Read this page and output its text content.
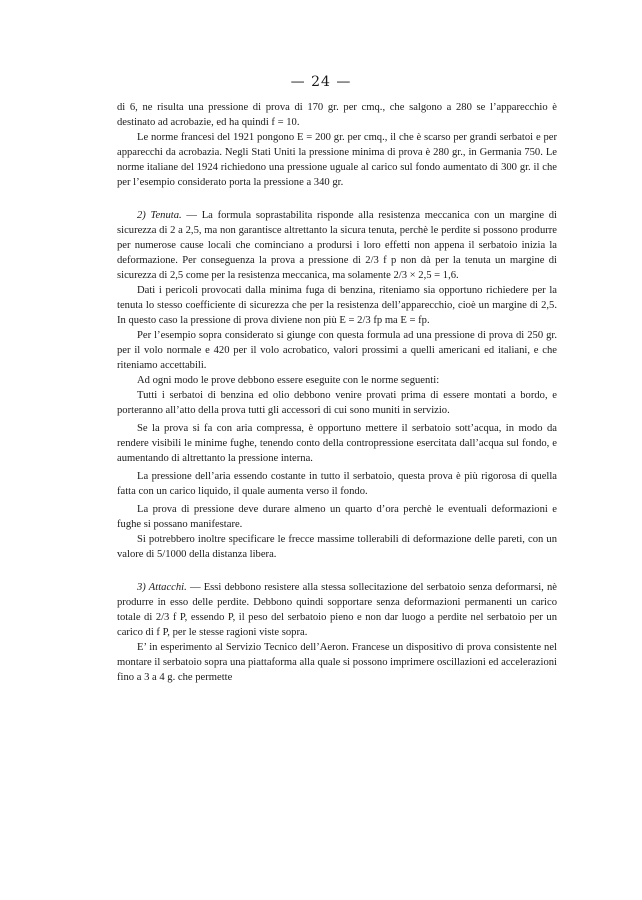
— 24 —

di 6, ne risulta una pressione di prova di 170 gr. per cmq., che salgono a 280 se l’apparecchio è destinato ad acrobazie, ed ha quindi f = 10.

Le norme francesi del 1921 pongono E = 200 gr. per cmq., il che è scarso per grandi serbatoi e per apparecchi da acrobazia. Negli Stati Uniti la pressione minima di prova è 280 gr., in Germania 750. Le norme italiane del 1924 richiedono una pressione uguale al carico sul fondo aumentato di 300 gr. il che per l’esempio considerato porta la pressione a 340 gr.

2) Tenuta. — La formula soprastabilita risponde alla resistenza meccanica con un margine di sicurezza di 2 a 2,5, ma non garantisce altrettanto la sicura tenuta, perchè le perdite si possono produrre per numerose cause locali che cominciano a prodursi i loro effetti non appena il serbatoio inizia la deformazione. Per conseguenza la prova a pressione di 2/3 f p non dà per la tenuta un margine di sicurezza di 2,5 come per la resistenza meccanica, ma solamente 2/3 × 2,5 = 1,6.

Dati i pericoli provocati dalla minima fuga di benzina, riteniamo sia opportuno richiedere per la tenuta lo stesso coefficiente di sicurezza che per la resistenza dell’apparecchio, cioè un margine di 2,5. In questo caso la pressione di prova diviene non più E = 2/3 fp ma E = fp.

Per l’esempio sopra considerato si giunge con questa formula ad una pressione di prova di 250 gr. per il volo normale e 420 per il volo acrobatico, valori prossimi a quelli americani ed italiani, e che riteniamo accettabili.

Ad ogni modo le prove debbono essere eseguite con le norme seguenti:

Tutti i serbatoi di benzina ed olio debbono venire provati prima di essere montati a bordo, e porteranno all’atto della prova tutti gli accessori di cui sono muniti in servizio.

Se la prova si fa con aria compressa, è opportuno mettere il serbatoio sott’acqua, in modo da rendere visibili le minime fughe, tenendo conto della contropressione esercitata dall’acqua sul fondo, e aumentando di altrettanto la pressione interna.

La pressione dell’aria essendo costante in tutto il serbatoio, questa prova è più rigorosa di quella fatta con un carico liquido, il quale aumenta verso il fondo.

La prova di pressione deve durare almeno un quarto d’ora perchè le eventuali deformazioni e fughe si possano manifestare.

Si potrebbero inoltre specificare le frecce massime tollerabili di deformazione delle pareti, con un valore di 5/1000 della distanza libera.

3) Attacchi. — Essi debbono resistere alla stessa sollecitazione del serbatoio senza deformarsi, nè produrre in esso delle perdite. Debbono quindi sopportare senza deformazioni permanenti un carico totale di 2/3 f P, essendo P, il peso del serbatoio pieno e non dar luogo a perdite nel serbatoio per un carico di f P, per le stesse ragioni viste sopra.

E’ in esperimento al Servizio Tecnico dell’Aeron. Francese un dispositivo di prova consistente nel montare il serbatoio sopra una piattaforma alla quale si possono imprimere oscillazioni ed accelerazioni fino a 3 a 4 g. che permette
